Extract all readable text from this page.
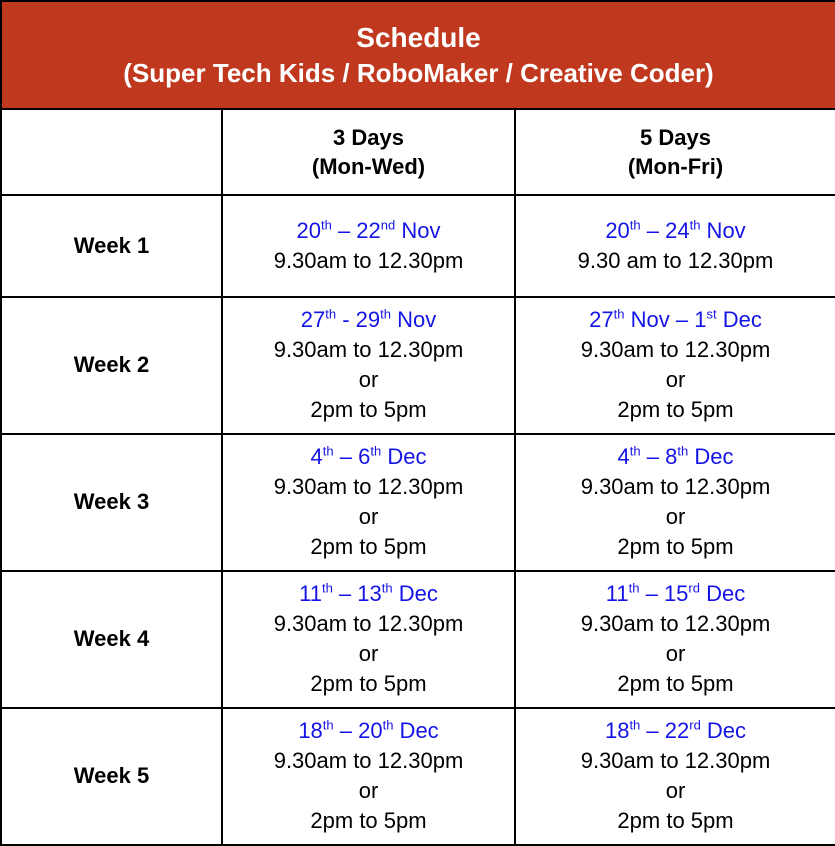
Schedule
(Super Tech Kids / RoboMaker / Creative Coder)		

	3 Days
(Mon-Wed)	5 Days
(Mon-Fri)

Week 1	20th – 22nd Nov
9.30am to 12.30pm	20th – 24th Nov
9.30 am to 12.30pm

Week 2	27th - 29th Nov
9.30am to 12.30pm
or
2pm to 5pm	27th Nov – 1st Dec
9.30am to 12.30pm
or
2pm to 5pm

Week 3	4th – 6th Dec
9.30am to 12.30pm
or
2pm to 5pm	4th – 8th Dec
9.30am to 12.30pm
or
2pm to 5pm

Week 4	11th – 13th Dec
9.30am to 12.30pm
or
2pm to 5pm	11th – 15rd Dec
9.30am to 12.30pm
or
2pm to 5pm

Week 5	18th – 20th Dec
9.30am to 12.30pm
or
2pm to 5pm	18th – 22rd Dec
9.30am to 12.30pm
or
2pm to 5pm
